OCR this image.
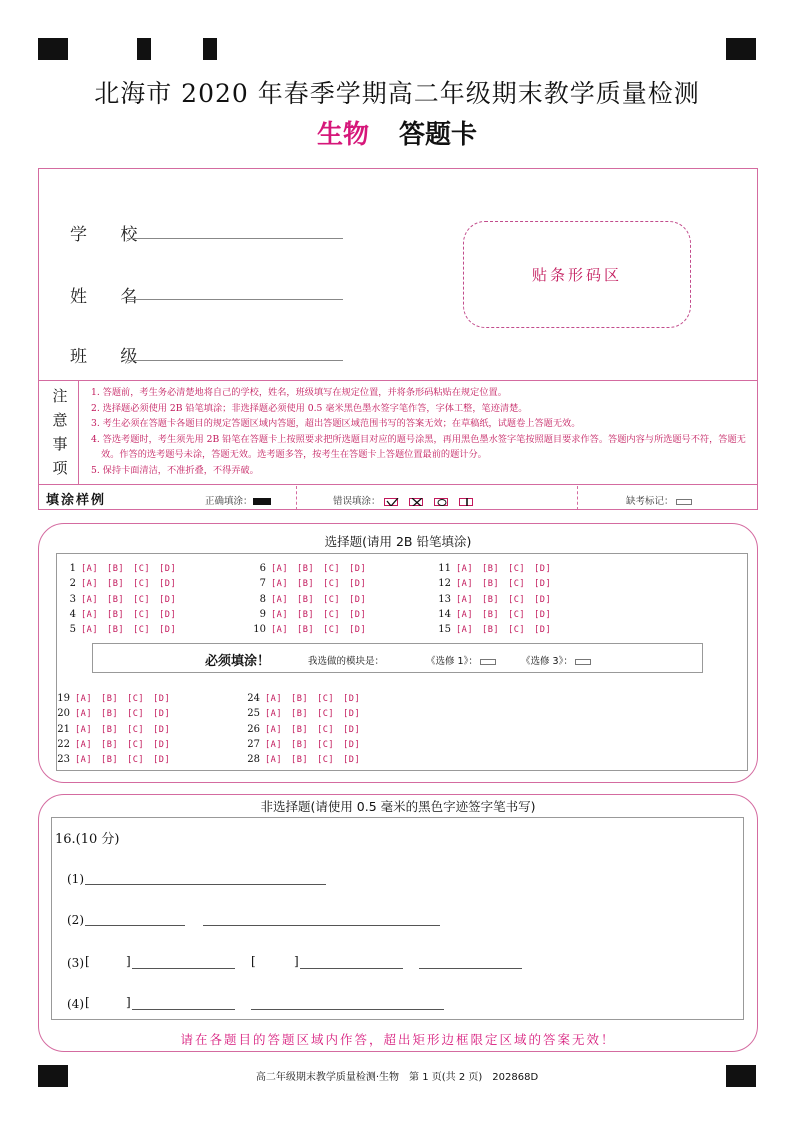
北海市 2020 年春季学期高二年级期末教学质量检测
生物 答题卡
学 校
姓 名
班 级
贴条形码区
注
意
事
项
1. 答题前，考生务必清楚地将自己的学校，姓名，班级填写在规定位置，并将条形码粘贴在规定位置。
2. 选择题必须使用 2B 铅笔填涂；非选择题必须使用 0.5 毫米黑色墨水签字笔作答，字体工整，笔迹清楚。
3. 考生必须在答题卡各题目的规定答题区域内答题，超出答题区域范围书写的答案无效；在草稿纸，试题卷上答题无效。
4. 答选考题时，考生须先用 2B 铅笔在答题卡上按照要求把所选题目对应的题号涂黑，再用黑色墨水签字笔按照题目要求作答。答题内容与所选题号不符，答题无效。作答的选考题号未涂，答题无效。选考题多答，按考生在答题卡上答题位置最前的题计分。
5. 保持卡面清洁，不准折叠，不得弄破。
填涂样例	正确填涂：	错误填涂：

	缺考标记：
选择题(请用 2B 铅笔填涂)
1 [A] [B] [C] [D]
2 [A] [B] [C] [D]
3 [A] [B] [C] [D]
4 [A] [B] [C] [D]
5 [A] [B] [C] [D]
6 [A] [B] [C] [D]
7 [A] [B] [C] [D]
8 [A] [B] [C] [D]
9 [A] [B] [C] [D]
10 [A] [B] [C] [D]
11 [A] [B] [C] [D]
12 [A] [B] [C] [D]
13 [A] [B] [C] [D]
14 [A] [B] [C] [D]
15 [A] [B] [C] [D]
19 [A] [B] [C] [D]
20 [A] [B] [C] [D]
21 [A] [B] [C] [D]
22 [A] [B] [C] [D]
23 [A] [B] [C] [D]
24 [A] [B] [C] [D]
25 [A] [B] [C] [D]
26 [A] [B] [C] [D]
27 [A] [B] [C] [D]
28 [A] [B] [C] [D]
必须填涂！	我选做的模块是：	《选修 1》：	《选修 3》：
非选择题(请使用 0.5 毫米的黑色字迹签字笔书写)
16.(10 分)
(1)
(2)
(3) [	]	[	]
(4) [	]
请在各题目的答题区域内作答，超出矩形边框限定区域的答案无效！
高二年级期末教学质量检测·生物　第 1 页(共 2 页)　202868D
